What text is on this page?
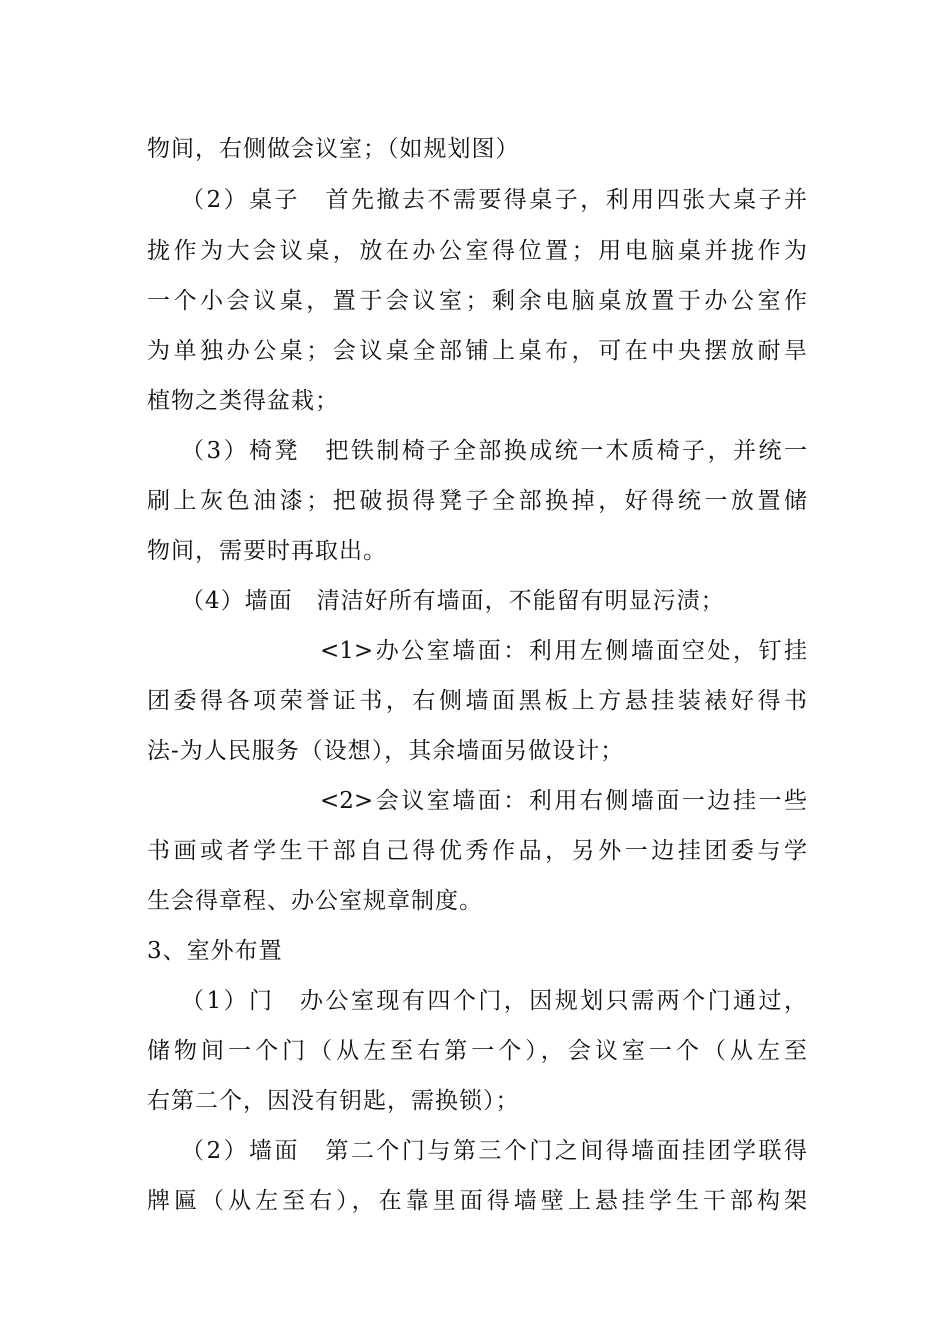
物间，右侧做会议室；（如规划图）
（2）桌子　首先撤去不需要得桌子，利用四张大桌子并
拢作为大会议桌，放在办公室得位置；用电脑桌并拢作为
一个小会议桌，置于会议室；剩余电脑桌放置于办公室作
为单独办公桌；会议桌全部铺上桌布，可在中央摆放耐旱
植物之类得盆栽；
（3）椅凳　把铁制椅子全部换成统一木质椅子，并统一
刷上灰色油漆；把破损得凳子全部换掉，好得统一放置储
物间，需要时再取出。
（4）墙面　清洁好所有墙面，不能留有明显污渍；
<1>办公室墙面：利用左侧墙面空处，钉挂
团委得各项荣誉证书，右侧墙面黑板上方悬挂装裱好得书
法-为人民服务（设想），其余墙面另做设计；
<2>会议室墙面：利用右侧墙面一边挂一些
书画或者学生干部自己得优秀作品，另外一边挂团委与学
生会得章程、办公室规章制度。
3、室外布置
（1）门　办公室现有四个门，因规划只需两个门通过，
储物间一个门（从左至右第一个），会议室一个（从左至
右第二个，因没有钥匙，需换锁）；
（2）墙面　第二个门与第三个门之间得墙面挂团学联得
牌匾（从左至右），在靠里面得墙壁上悬挂学生干部构架
